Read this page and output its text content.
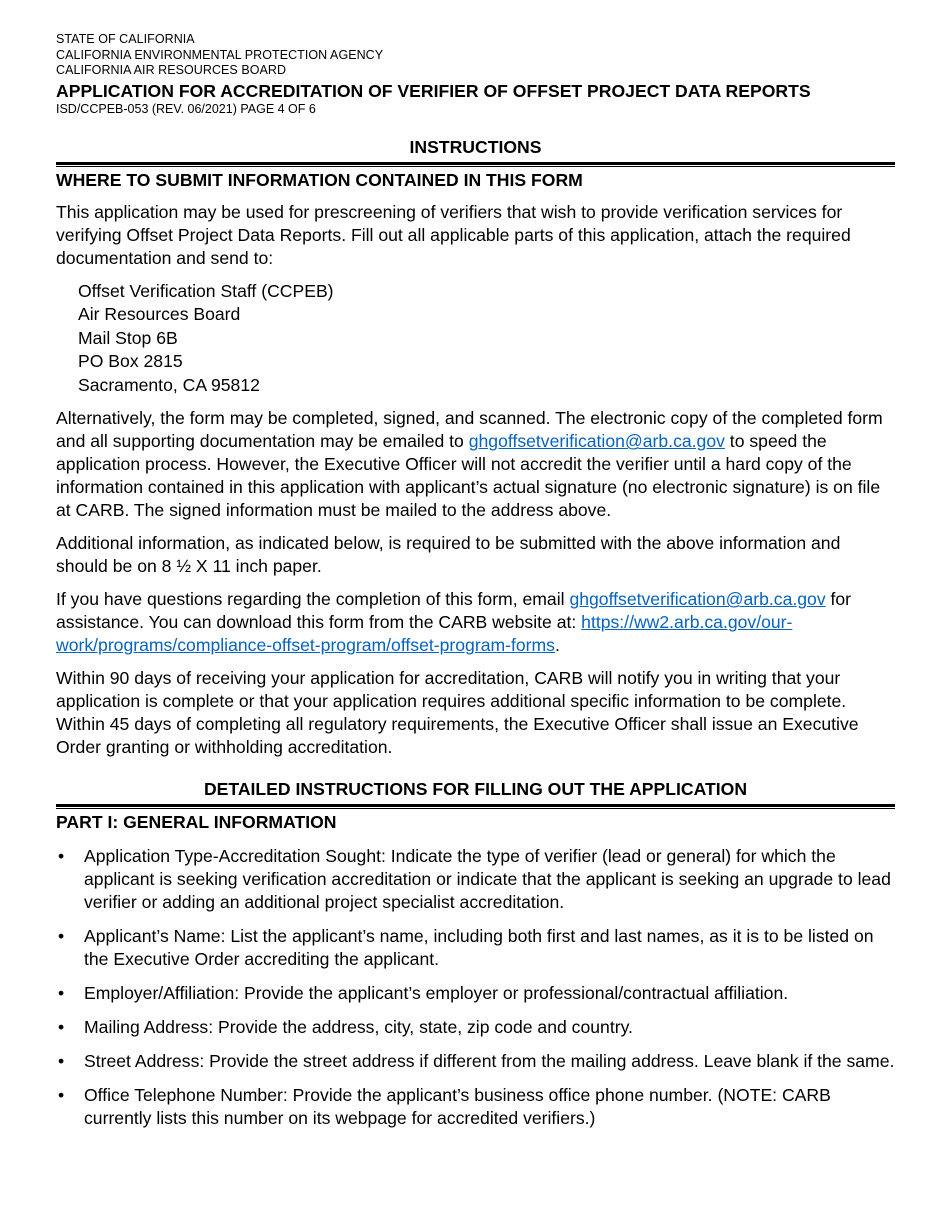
STATE OF CALIFORNIA
CALIFORNIA ENVIRONMENTAL PROTECTION AGENCY
CALIFORNIA AIR RESOURCES BOARD
APPLICATION FOR ACCREDITATION OF VERIFIER OF OFFSET PROJECT DATA REPORTS
ISD/CCPEB-053 (REV. 06/2021) PAGE 4 OF 6
INSTRUCTIONS
WHERE TO SUBMIT INFORMATION CONTAINED IN THIS FORM

This application may be used for prescreening of verifiers that wish to provide verification services for verifying Offset Project Data Reports. Fill out all applicable parts of this application, attach the required documentation and send to:

Offset Verification Staff (CCPEB)
Air Resources Board
Mail Stop 6B
PO Box 2815
Sacramento, CA 95812

Alternatively, the form may be completed, signed, and scanned. The electronic copy of the completed form and all supporting documentation may be emailed to ghgoffsetverification@arb.ca.gov to speed the application process. However, the Executive Officer will not accredit the verifier until a hard copy of the information contained in this application with applicant’s actual signature (no electronic signature) is on file at CARB. The signed information must be mailed to the address above.

Additional information, as indicated below, is required to be submitted with the above information and should be on 8 ½ X 11 inch paper.

If you have questions regarding the completion of this form, email ghgoffsetverification@arb.ca.gov for assistance. You can download this form from the CARB website at: https://ww2.arb.ca.gov/our-work/programs/compliance-offset-program/offset-program-forms.

Within 90 days of receiving your application for accreditation, CARB will notify you in writing that your application is complete or that your application requires additional specific information to be complete. Within 45 days of completing all regulatory requirements, the Executive Officer shall issue an Executive Order granting or withholding accreditation.

DETAILED INSTRUCTIONS FOR FILLING OUT THE APPLICATION
PART I: GENERAL INFORMATION
• Application Type-Accreditation Sought: Indicate the type of verifier (lead or general) for which the applicant is seeking verification accreditation or indicate that the applicant is seeking an upgrade to lead verifier or adding an additional project specialist accreditation.
• Applicant’s Name: List the applicant’s name, including both first and last names, as it is to be listed on the Executive Order accrediting the applicant.
• Employer/Affiliation: Provide the applicant’s employer or professional/contractual affiliation.
• Mailing Address: Provide the address, city, state, zip code and country.
• Street Address: Provide the street address if different from the mailing address. Leave blank if the same.
• Office Telephone Number: Provide the applicant’s business office phone number. (NOTE: CARB currently lists this number on its webpage for accredited verifiers.)
